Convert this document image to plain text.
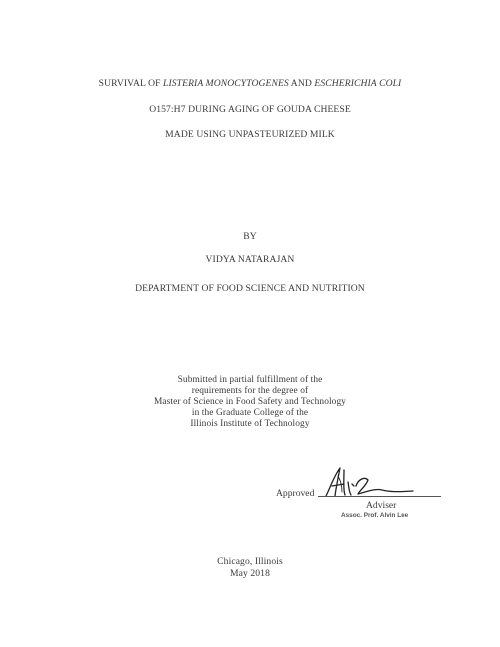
SURVIVAL OF LISTERIA MONOCYTOGENES AND ESCHERICHIA COLI
O157:H7 DURING AGING OF GOUDA CHEESE
MADE USING UNPASTEURIZED MILK
BY
VIDYA NATARAJAN
DEPARTMENT OF FOOD SCIENCE AND NUTRITION
Submitted in partial fulfillment of the
requirements for the degree of
Master of Science in Food Safety and Technology
in the Graduate College of the
Illinois Institute of Technology
Approved
Adviser
Assoc. Prof. Alvin Lee
Chicago, Illinois
May 2018
